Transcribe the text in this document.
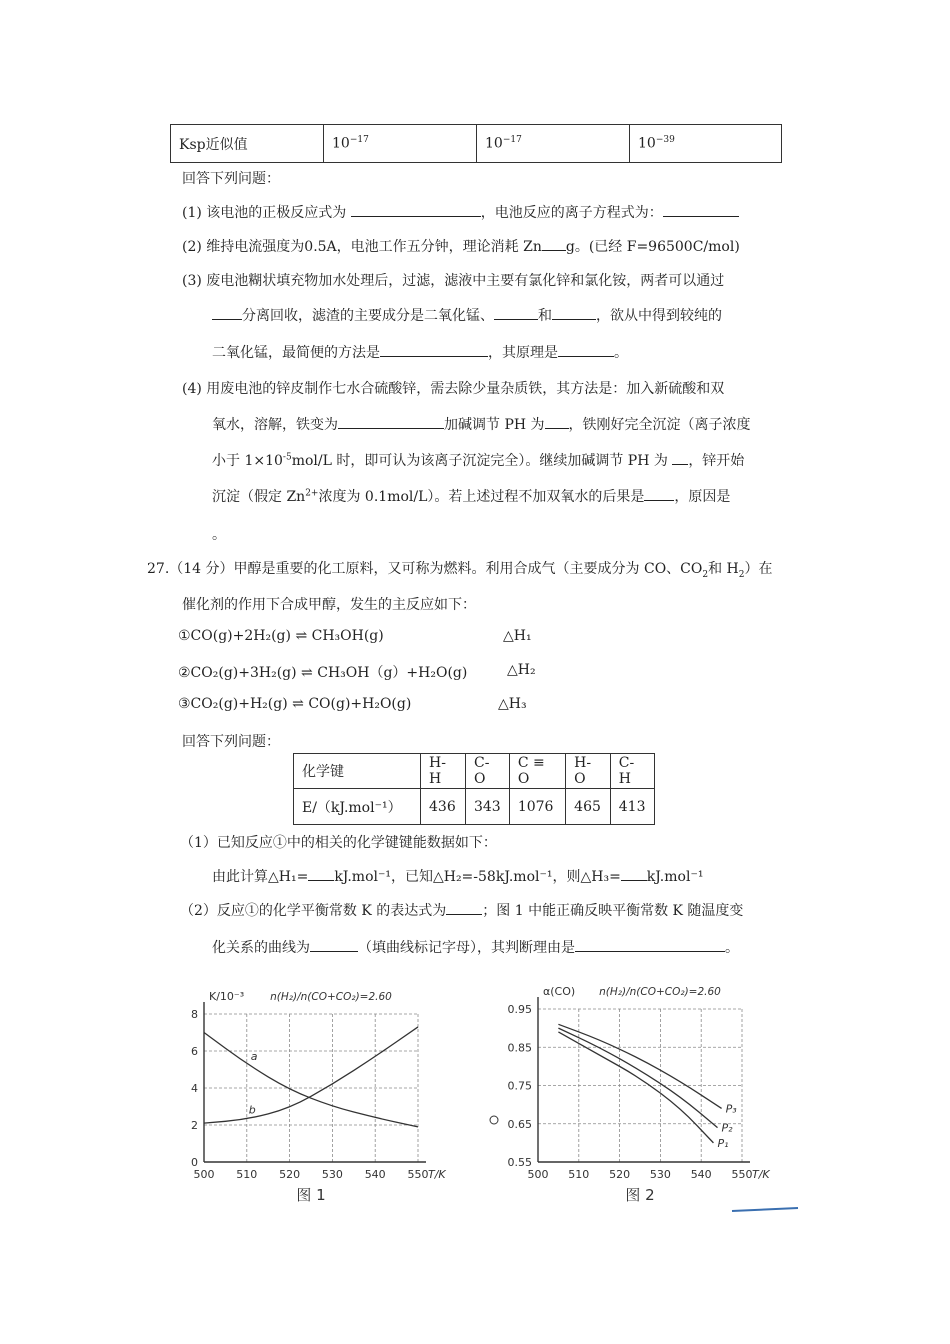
Ksp近似值	$10^{-17}$	$10^{-17}$	$10^{-39}$
回答下列问题：
(1) 该电池的正极反应式为	，电池反应的离子方程式为：
(2) 维持电流强度为0.5A，电池工作五分钟，理论消耗 Zn g。(已经 F=96500C/mol)
(3) 废电池糊状填充物加水处理后，过滤，滤液中主要有氯化锌和氯化铵，两者可以通过
分离回收，滤渣的主要成分是二氧化锰、	和	，欲从中得到较纯的
二氧化锰，最简便的方法是	，其原理是	。
(4) 用废电池的锌皮制作七水合硫酸锌，需去除少量杂质铁，其方法是：加入新硫酸和双
氧水，溶解，铁变为	加碱调节 PH 为 ，铁刚好完全沉淀（离子浓度
小于 $1\times 10^{-5}mol/L$ 时，即可认为该离子沉淀完全）。继续加碱调节 PH 为 ，锌开始
沉淀（假定 $Zn^{2+}$浓度为 0.1mol/L）。若上述过程不加双氧水的后果是 ，原因是
。
27.（14 分）甲醇是重要的化工原料，又可称为燃料。利用合成气（主要成分为 CO、$CO_2$和 $H_2$）在
催化剂的作用下合成甲醇，发生的主反应如下：
①CO(g)+2H₂(g) ⇌ CH₃OH(g)	△H₁
②CO₂(g)+3H₂(g) ⇌ CH₃OH（g）+H₂O(g)	△H₂
③CO₂(g)+H₂(g) ⇌ CO(g)+H₂O(g)	△H₃
回答下列问题：
化学键	H-H	C-O	C ≡ O	H-O	C-H
E/（kJ.mol⁻¹）	436	343	1076	465	413
（1）已知反应①中的相关的化学键键能数据如下：
由此计算△H₁= kJ.mol⁻¹，已知△H₂=-58kJ.mol⁻¹，则△H₃= kJ.mol⁻¹
（2）反应①的化学平衡常数 K 的表达式为	；图 1 中能正确反映平衡常数 K 随温度变
化关系的曲线为	（填曲线标记字母），其判断理由是	。
500 510 520 530 540 550
0
2
4
6
8
K/10⁻³
T/K
n(H₂)/n(CO+CO₂)=2.60
图 1
a
b
500 510 520 530 540 550
0.55
0.65
0.75
0.85
0.95
α(CO)
T/K
n(H₂)/n(CO+CO₂)=2.60
图 2
P₃
P₂
P₁
